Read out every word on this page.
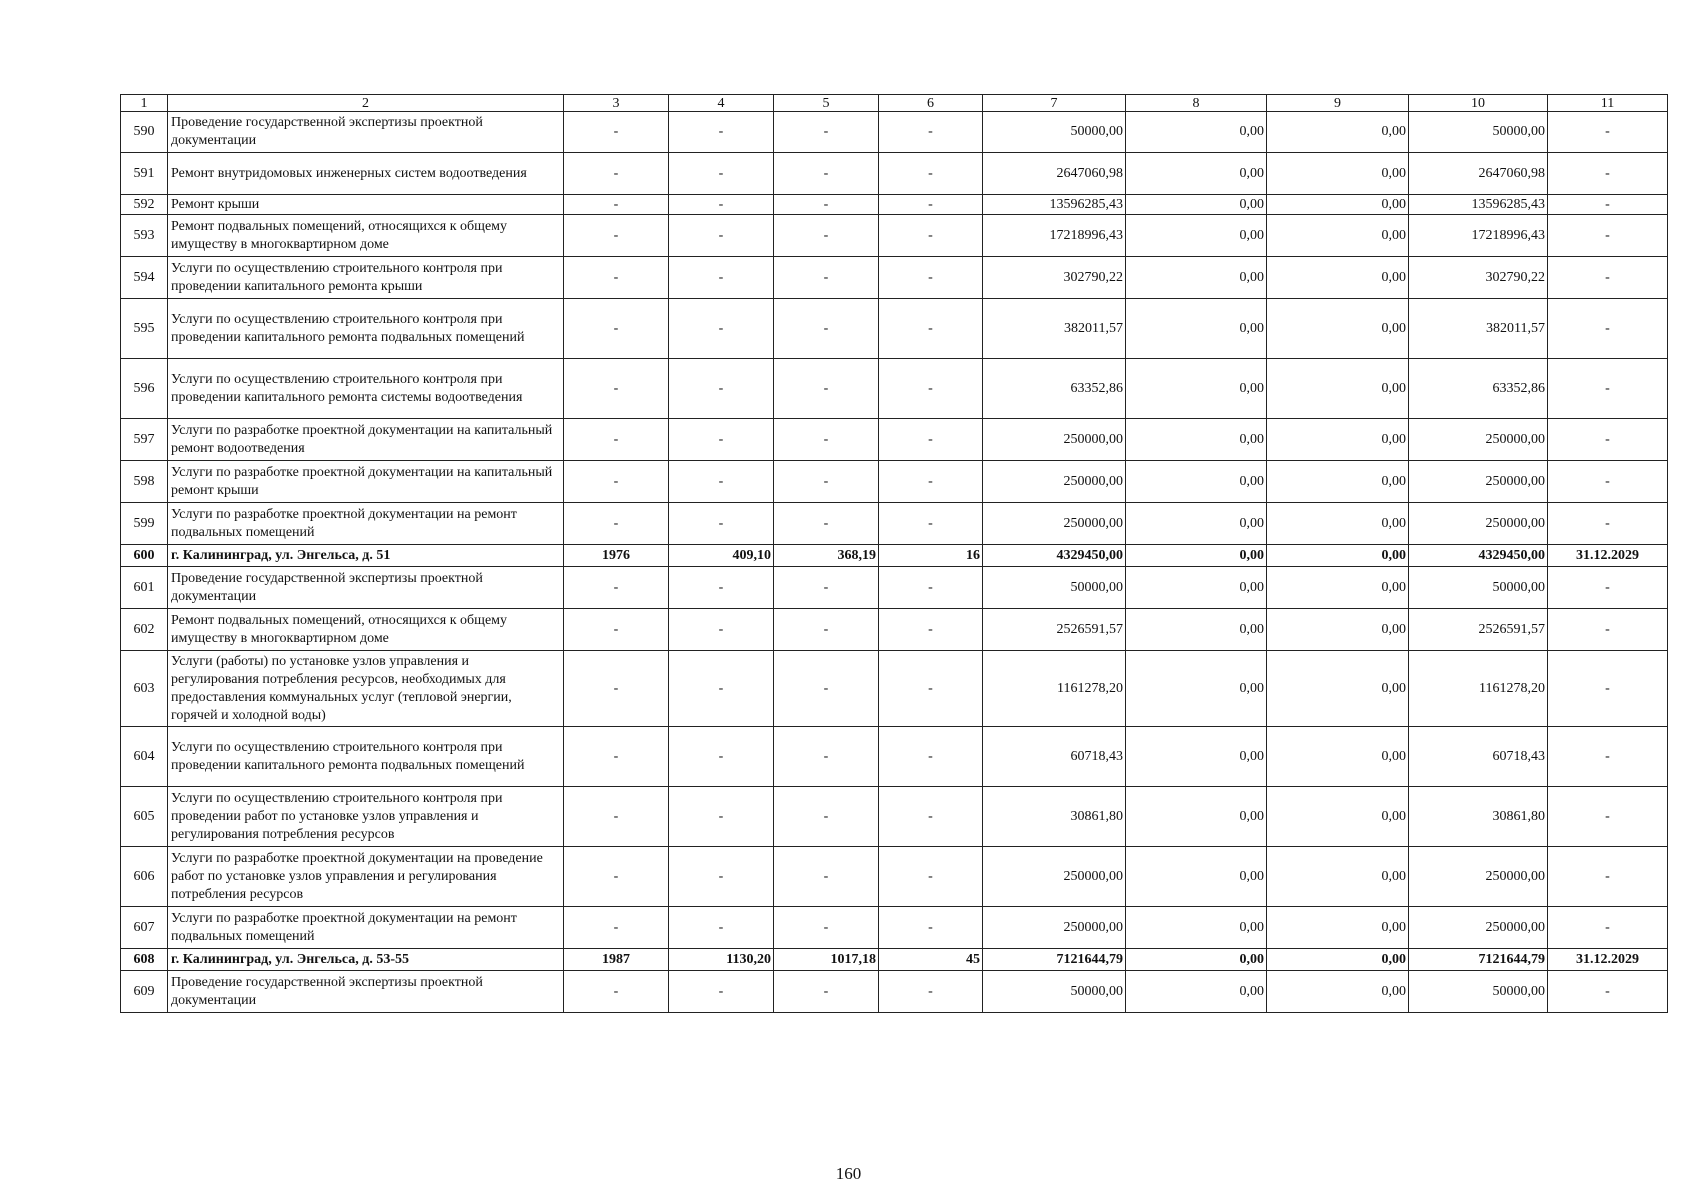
1	2	3	4	5	6	7	8	9	10	11
590	Проведение государственной экспертизы проектной документации	-	-	-	-	50000,00	0,00	0,00	50000,00	-
591	Ремонт внутридомовых инженерных систем водоотведения	-	-	-	-	2647060,98	0,00	0,00	2647060,98	-
592	Ремонт крыши	-	-	-	-	13596285,43	0,00	0,00	13596285,43	-
593	Ремонт подвальных помещений, относящихся к общему имуществу в многоквартирном доме	-	-	-	-	17218996,43	0,00	0,00	17218996,43	-
594	Услуги по осуществлению строительного контроля при проведении капитального ремонта крыши	-	-	-	-	302790,22	0,00	0,00	302790,22	-
595	Услуги по осуществлению строительного контроля при проведении капитального ремонта подвальных помещений	-	-	-	-	382011,57	0,00	0,00	382011,57	-
596	Услуги по осуществлению строительного контроля при проведении капитального ремонта системы водоотведения	-	-	-	-	63352,86	0,00	0,00	63352,86	-
597	Услуги по разработке проектной документации на капитальный ремонт водоотведения	-	-	-	-	250000,00	0,00	0,00	250000,00	-
598	Услуги по разработке проектной документации на капитальный ремонт крыши	-	-	-	-	250000,00	0,00	0,00	250000,00	-
599	Услуги по разработке проектной документации на ремонт подвальных помещений	-	-	-	-	250000,00	0,00	0,00	250000,00	-
600	г. Калининград, ул. Энгельса, д. 51	1976	409,10	368,19	16	4329450,00	0,00	0,00	4329450,00	31.12.2029
601	Проведение государственной экспертизы проектной документации	-	-	-	-	50000,00	0,00	0,00	50000,00	-
602	Ремонт подвальных помещений, относящихся к общему имуществу в многоквартирном доме	-	-	-	-	2526591,57	0,00	0,00	2526591,57	-
603	Услуги (работы) по установке узлов управления и регулирования потребления ресурсов, необходимых для предоставления коммунальных услуг (тепловой энергии, горячей и холодной воды)	-	-	-	-	1161278,20	0,00	0,00	1161278,20	-
604	Услуги по осуществлению строительного контроля при проведении капитального ремонта подвальных помещений	-	-	-	-	60718,43	0,00	0,00	60718,43	-
605	Услуги по осуществлению строительного контроля при проведении работ по установке узлов управления и регулирования потребления ресурсов	-	-	-	-	30861,80	0,00	0,00	30861,80	-
606	Услуги по разработке проектной документации на проведение работ по установке узлов управления и регулирования потребления ресурсов	-	-	-	-	250000,00	0,00	0,00	250000,00	-
607	Услуги по разработке проектной документации на ремонт подвальных помещений	-	-	-	-	250000,00	0,00	0,00	250000,00	-
608	г. Калининград, ул. Энгельса, д. 53-55	1987	1130,20	1017,18	45	7121644,79	0,00	0,00	7121644,79	31.12.2029
609	Проведение государственной экспертизы проектной документации	-	-	-	-	50000,00	0,00	0,00	50000,00	-
160
